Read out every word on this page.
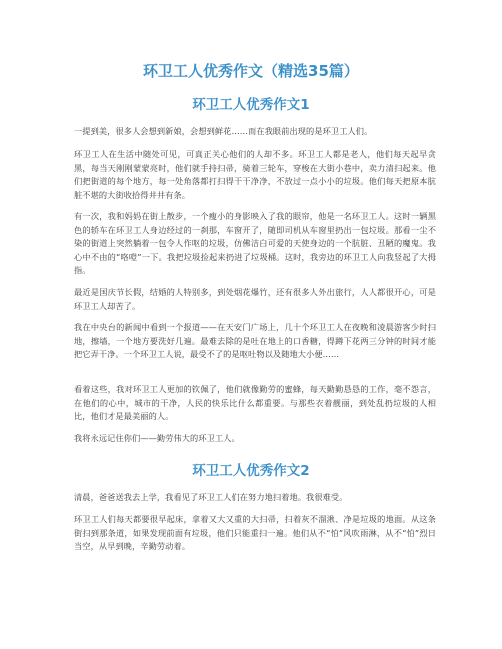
环卫工人优秀作文（精选35篇）
环卫工人优秀作文1

一提到美，很多人会想到新娘，会想到鲜花……而在我眼前出现的是环卫工人们。

环卫工人在生活中随处可见，可真正关心他们的人却不多。环卫工人都是老人，他们每天起早贪黑，每当天刚刚蒙蒙亮时，他们就手持扫帚，骑着三轮车，穿梭在大街小巷中，卖力清扫起来。他们把街道的每个地方，每一处角落都打扫得干干净净，不放过一点小小的垃圾。他们每天把原本肮脏不堪的大街收拾得井井有条。

有一次，我和妈妈在街上散步，一个瘦小的身影映入了我的眼帘，他是一名环卫工人。这时一辆黑色的轿车在环卫工人身边经过的一刹那，车窗开了，随即司机从车窗里扔出一包垃圾。那看一尘不染的街道上突然躺着一包令人作呕的垃圾，仿佛洁白可爱的天使身边的一个肮脏、丑陋的魔鬼。我心中不由的“咯噔”一下。我把垃圾捡起来扔进了垃圾桶。这时，我旁边的环卫工人向我竖起了大拇指。

最近是国庆节长假，结婚的人特别多，到处烟花爆竹，还有很多人外出旅行，人人都很开心，可是环卫工人却苦了。

我在中央台的新闻中看到一个报道——在天安门广场上，几十个环卫工人在夜晚和凌晨游客少时扫地，擦墙，一个地方要洗好几遍。最难去除的是吐在地上的口香糖，得蹲下花两三分钟的时间才能把它弄干净。一个环卫工人说，最受不了的是呕吐物以及随地大小便……

看着这些，我对环卫工人更加的钦佩了，他们就像勤劳的蜜蜂，每天勤勤恳恳的工作，毫不怨言，在他们的心中，城市的干净，人民的快乐比什么都重要。与那些衣着靓丽，到处乱扔垃圾的人相比，他们才是最美丽的人。

我将永远记住你们——勤劳伟大的环卫工人。

环卫工人优秀作文2

清晨，爸爸送我去上学，我看见了环卫工人们在努力地扫着地。我很难受。

环卫工人们每天都要很早起床，拿着又大又重的大扫帚，扫着灰不溜湫、净是垃圾的地面。从这条街扫到那条道，如果发现前面有垃圾，他们只能重扫一遍。他们从不“怕”风吹雨淋，从不“怕”烈日当空，从早到晚，辛勤劳动着。
